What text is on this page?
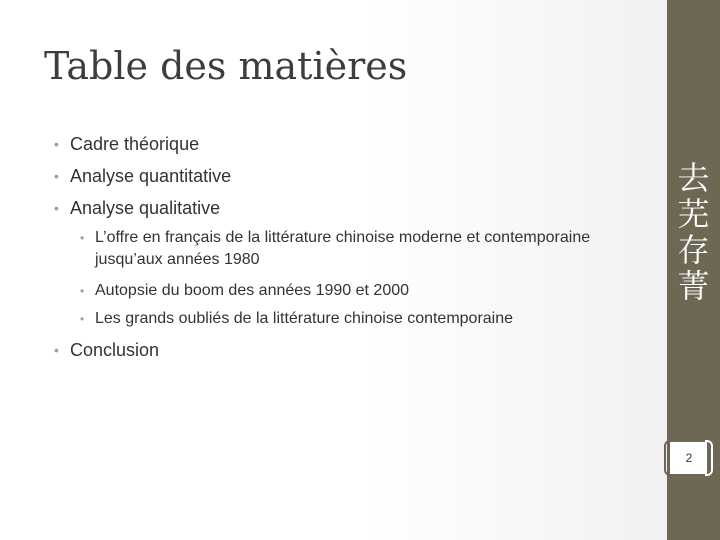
Table des matières
• Cadre théorique
• Analyse quantitative
• Analyse qualitative
• L’offre en français de la littérature chinoise moderne et contemporaine jusqu’aux années 1980
• Autopsie du boom des années 1990 et 2000
• Les grands oubliés de la littérature chinoise contemporaine
• Conclusion
去
芜
存
菁
2
